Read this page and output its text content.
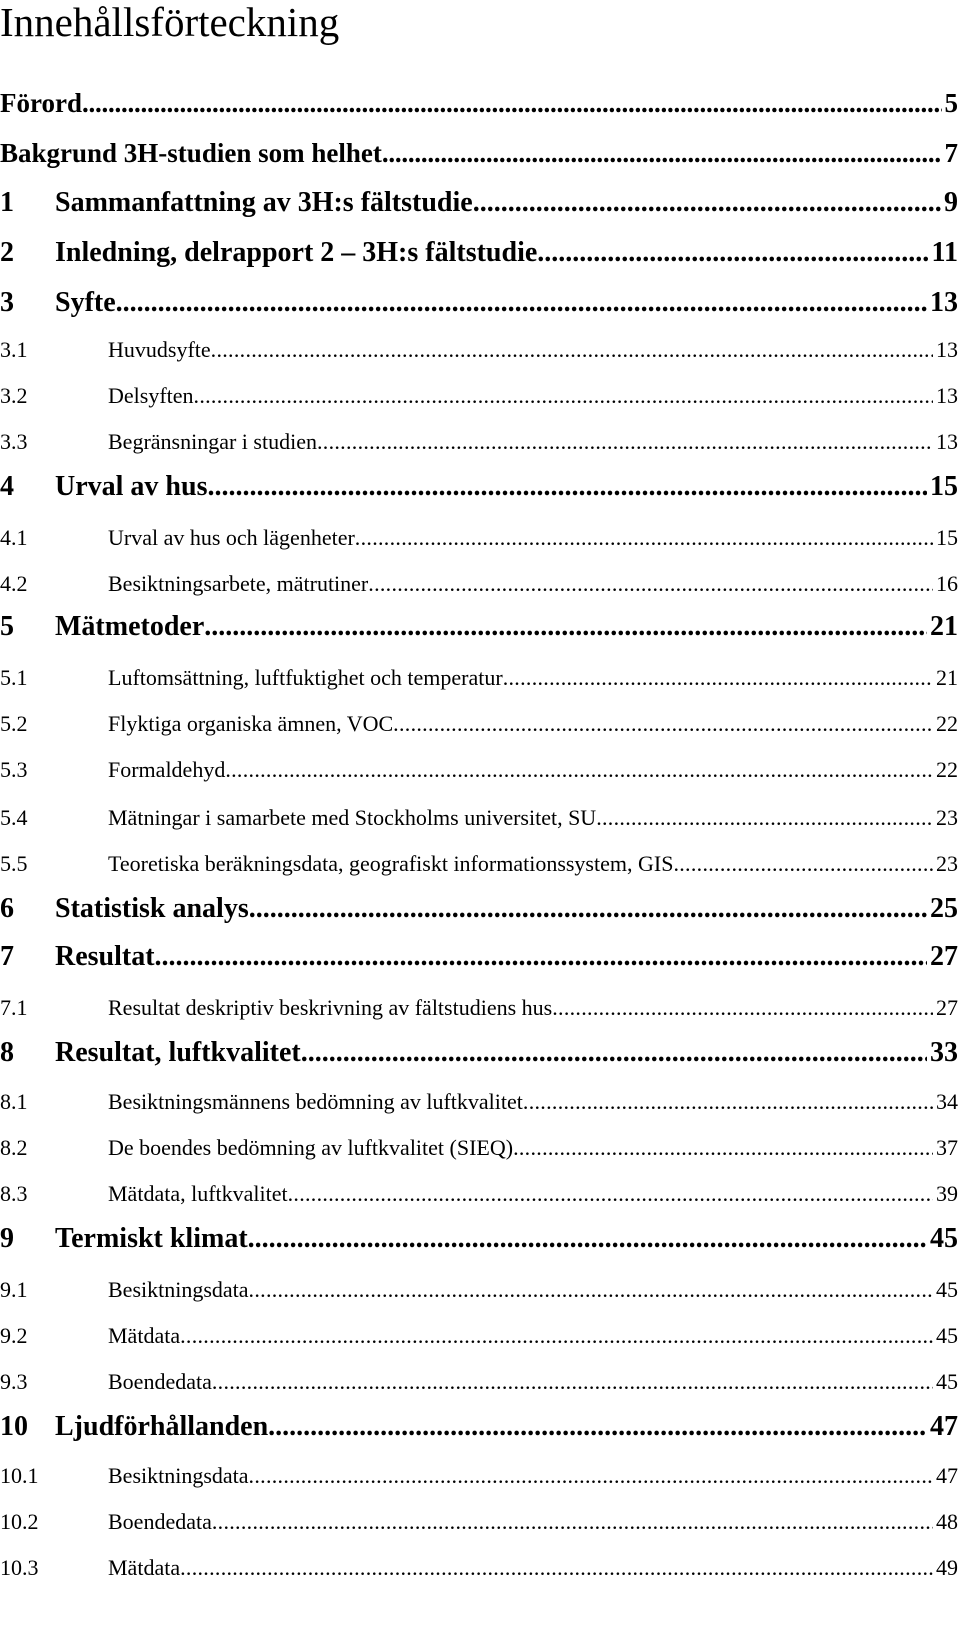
Innehållsförteckning
Förord . . .	5
Bakgrund 3H-studien som helhet . . .	7
1 Sammanfattning av 3H:s fältstudie . . .	9
2 Inledning, delrapport 2 – 3H:s fältstudie . . .	11
3 Syfte . . .	13
3.1	Huvudsyfte . . .	13
3.2	Delsyften . . .	13
3.3	Begränsningar i studien . . .	13
4 Urval av hus . . .	15
4.1	Urval av hus och lägenheter . . .	15
4.2	Besiktningsarbete, mätrutiner . . .	16
5 Mätmetoder . . .	21
5.1	Luftomsättning, luftfuktighet och temperatur . . .	21
5.2	Flyktiga organiska ämnen, VOC . . .	22
5.3	Formaldehyd . . .	22
5.4	Mätningar i samarbete med Stockholms universitet, SU . . .	23
5.5	Teoretiska beräkningsdata, geografiskt informationssystem, GIS . . .	23
6 Statistisk analys . . .	25
7 Resultat . . .	27
7.1	Resultat deskriptiv beskrivning av fältstudiens hus . . .	27
8 Resultat, luftkvalitet . . .	33
8.1	Besiktningsmännens bedömning av luftkvalitet . . .	34
8.2	De boendes bedömning av luftkvalitet (SIEQ) . . .	37
8.3	Mätdata, luftkvalitet . . .	39
9 Termiskt klimat . . .	45
9.1	Besiktningsdata . . .	45
9.2	Mätdata . . .	45
9.3	Boendedata . . .	45
10 Ljudförhållanden . . .	47
10.1	Besiktningsdata . . .	47
10.2	Boendedata . . .	48
10.3	Mätdata . . .	49
